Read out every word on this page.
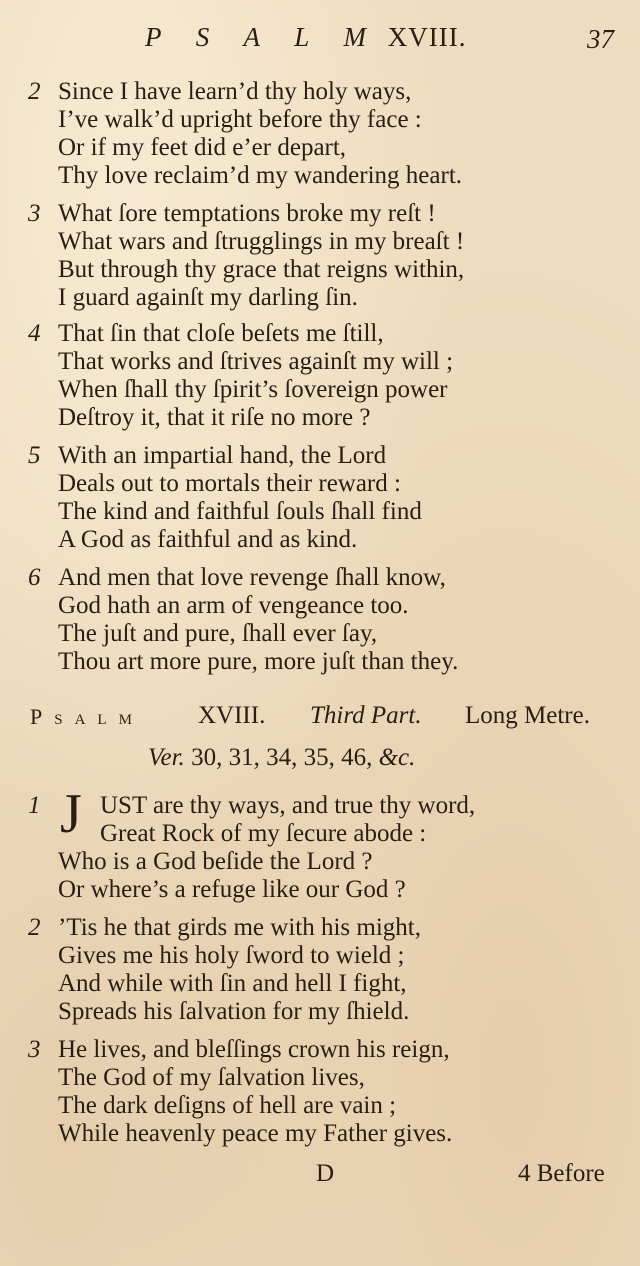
P S A L M XVIII.	37
2 Since I have learn’d thy holy ways,
I’ve walk’d upright before thy face :
Or if my feet did e’er depart,
Thy love reclaim’d my wandering heart.
3 What ſore temptations broke my reſt !
What wars and ſtrugglings in my breaſt !
But through thy grace that reigns within,
I guard againſt my darling ſin.
4 That ſin that cloſe beſets me ſtill,
That works and ſtrives againſt my will ;
When ſhall thy ſpirit’s ſovereign power
Deſtroy it, that it riſe no more ?
5 With an impartial hand, the Lord
Deals out to mortals their reward :
The kind and faithful ſouls ſhall find
A God as faithful and as kind.
6 And men that love revenge ſhall know,
God hath an arm of vengeance too.
The juſt and pure, ſhall ever ſay,
Thou art more pure, more juſt than they.
Psalm XVIII. Third Part. Long Metre.
Ver. 30, 31, 34, 35, 46, &c.
1 J UST are thy ways, and true thy word,
Great Rock of my ſecure abode :
Who is a God beſide the Lord ?
Or where’s a refuge like our God ?
2 ’Tis he that girds me with his might,
Gives me his holy ſword to wield ;
And while with ſin and hell I fight,
Spreads his ſalvation for my ſhield.
3 He lives, and bleſſings crown his reign,
The God of my ſalvation lives,
The dark deſigns of hell are vain ;
While heavenly peace my Father gives.
D	4 Before
